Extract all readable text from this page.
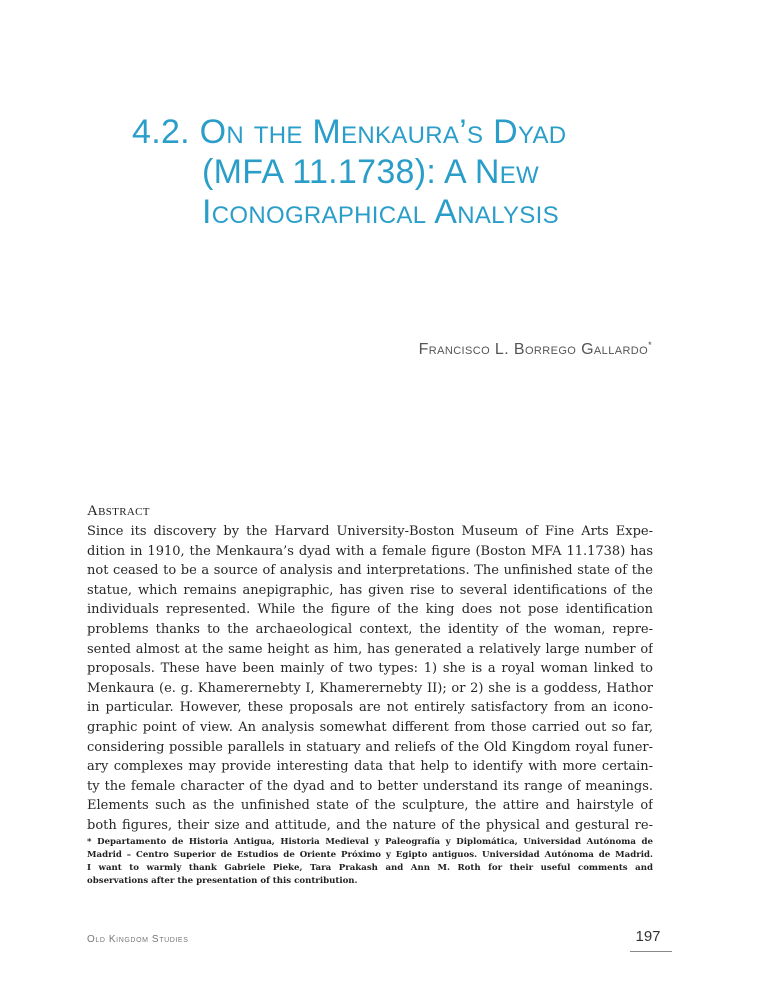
4.2. On the Menkaura’s Dyad
(MFA 11.1738): A New
Iconographical Analysis
Francisco L. Borrego Gallardo*
Abstract
Since its discovery by the Harvard University-Boston Museum of Fine Arts Expe-
dition in 1910, the Menkaura’s dyad with a female figure (Boston MFA 11.1738) has
not ceased to be a source of analysis and interpretations. The unfinished state of the
statue, which remains anepigraphic, has given rise to several identifications of the
individuals represented. While the figure of the king does not pose identification
problems thanks to the archaeological context, the identity of the woman, repre-
sented almost at the same height as him, has generated a relatively large number of
proposals. These have been mainly of two types: 1) she is a royal woman linked to
Menkaura (e. g. Khamerernebty I, Khamerernebty II); or 2) she is a goddess, Hathor
in particular. However, these proposals are not entirely satisfactory from an icono-
graphic point of view. An analysis somewhat different from those carried out so far,
considering possible parallels in statuary and reliefs of the Old Kingdom royal funer-
ary complexes may provide interesting data that help to identify with more certain-
ty the female character of the dyad and to better understand its range of meanings.
Elements such as the unfinished state of the sculpture, the attire and hairstyle of
both figures, their size and attitude, and the nature of the physical and gestural re-
* Departamento de Historia Antigua, Historia Medieval y Paleografía y Diplomática, Universidad Autónoma de
Madrid – Centro Superior de Estudios de Oriente Próximo y Egipto antiguos. Universidad Autónoma de Madrid.
I want to warmly thank Gabriele Pieke, Tara Prakash and Ann M. Roth for their useful comments and
observations after the presentation of this contribution.
Old Kingdom Studies	197
